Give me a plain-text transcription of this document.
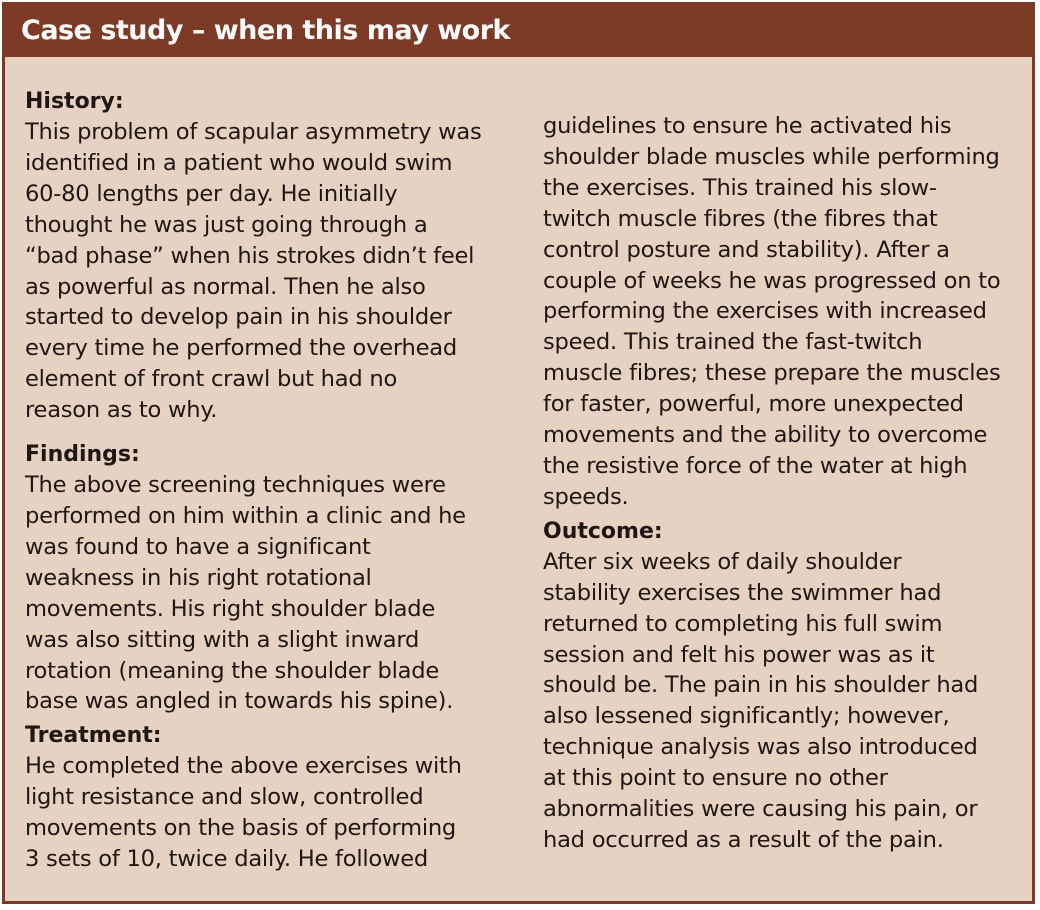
Case study – when this may work
History:
This problem of scapular asymmetry was
identified in a patient who would swim
60-80 lengths per day. He initially
thought he was just going through a
“bad phase” when his strokes didn’t feel
as powerful as normal. Then he also
started to develop pain in his shoulder
every time he performed the overhead
element of front crawl but had no
reason as to why.
Findings:
The above screening techniques were
performed on him within a clinic and he
was found to have a significant
weakness in his right rotational
movements. His right shoulder blade
was also sitting with a slight inward
rotation (meaning the shoulder blade
base was angled in towards his spine).
Treatment:
He completed the above exercises with
light resistance and slow, controlled
movements on the basis of performing
3 sets of 10, twice daily. He followed
guidelines to ensure he activated his
shoulder blade muscles while performing
the exercises. This trained his slow-
twitch muscle fibres (the fibres that
control posture and stability). After a
couple of weeks he was progressed on to
performing the exercises with increased
speed. This trained the fast-twitch
muscle fibres; these prepare the muscles
for faster, powerful, more unexpected
movements and the ability to overcome
the resistive force of the water at high
speeds.
Outcome:
After six weeks of daily shoulder
stability exercises the swimmer had
returned to completing his full swim
session and felt his power was as it
should be. The pain in his shoulder had
also lessened significantly; however,
technique analysis was also introduced
at this point to ensure no other
abnormalities were causing his pain, or
had occurred as a result of the pain.
